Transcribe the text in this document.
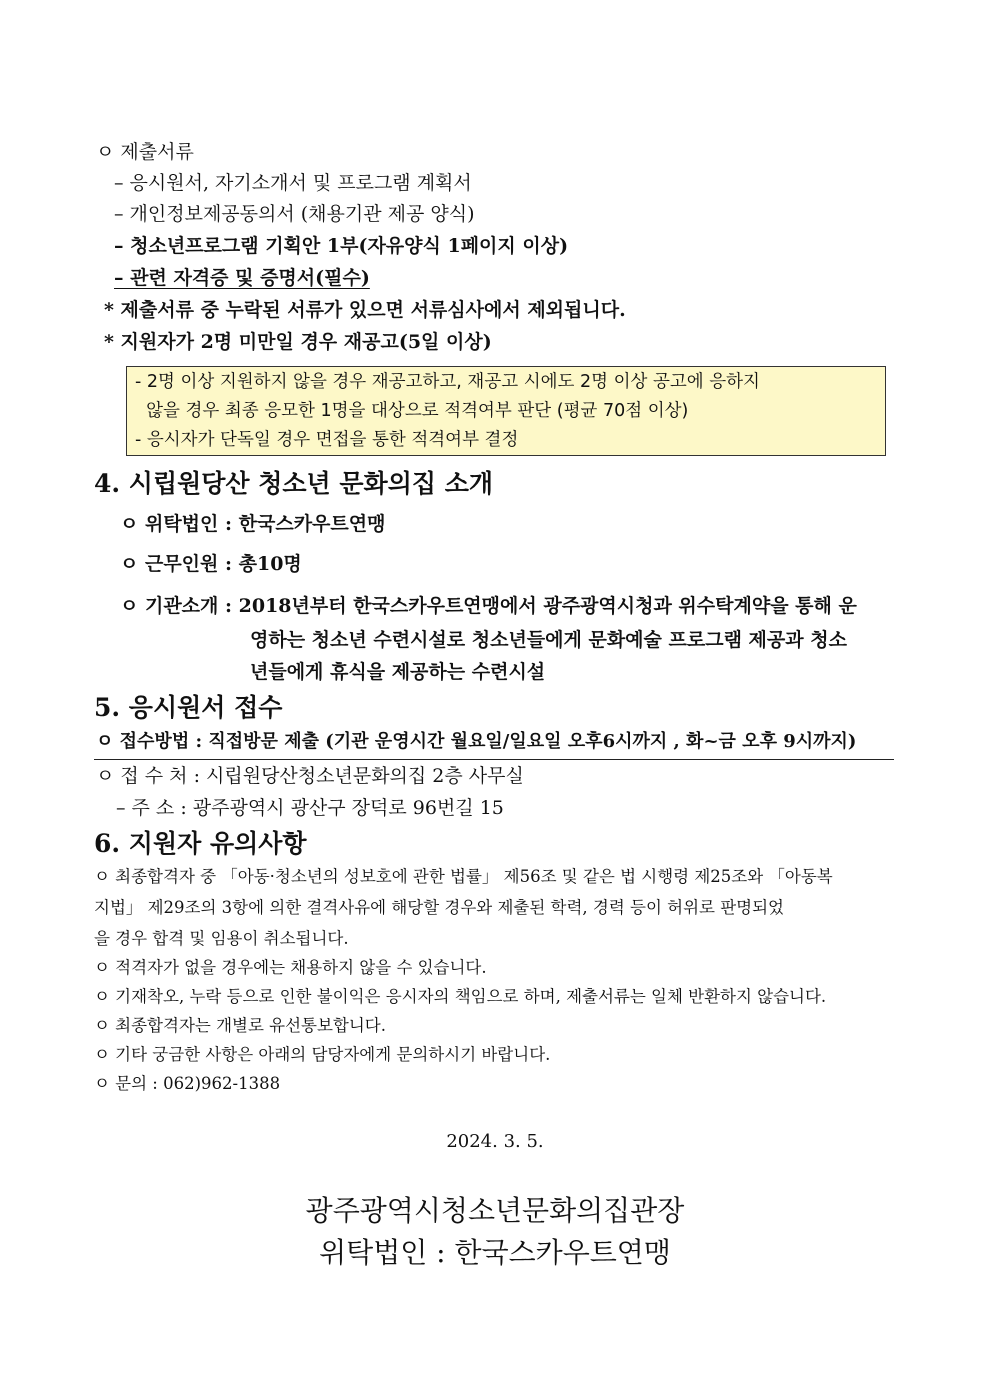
ㅇ 제출서류
– 응시원서, 자기소개서 및 프로그램 계획서
– 개인정보제공동의서 (채용기관 제공 양식)
– 청소년프로그램 기획안 1부(자유양식 1페이지 이상)
– 관련 자격증 및 증명서(필수)
* 제출서류 중 누락된 서류가 있으면 서류심사에서 제외됩니다.
* 지원자가 2명 미만일 경우 재공고(5일 이상)
- 2명 이상 지원하지 않을 경우 재공고하고, 재공고 시에도 2명 이상 공고에 응하지
않을 경우 최종 응모한 1명을 대상으로 적격여부 판단 (평균 70점 이상)
- 응시자가 단독일 경우 면접을 통한 적격여부 결정
4. 시립원당산 청소년 문화의집 소개
ㅇ 위탁법인 : 한국스카우트연맹
ㅇ 근무인원 : 총10명
ㅇ 기관소개 : 2018년부터 한국스카우트연맹에서 광주광역시청과 위수탁계약을 통해 운
영하는 청소년 수련시설로 청소년들에게 문화예술 프로그램 제공과 청소
년들에게 휴식을 제공하는 수련시설
5. 응시원서 접수
ㅇ 접수방법 : 직접방문 제출 (기관 운영시간 월요일/일요일 오후6시까지 , 화~금 오후 9시까지)
ㅇ 접 수 처 : 시립원당산청소년문화의집 2층 사무실
– 주 소 : 광주광역시 광산구 장덕로 96번길 15
6. 지원자 유의사항
ㅇ 최종합격자 중 「아동·청소년의 성보호에 관한 법률」 제56조 및 같은 법 시행령 제25조와 「아동복
지법」 제29조의 3항에 의한 결격사유에 해당할 경우와 제출된 학력, 경력 등이 허위로 판명되었
을 경우 합격 및 임용이 취소됩니다.
ㅇ 적격자가 없을 경우에는 채용하지 않을 수 있습니다.
ㅇ 기재착오, 누락 등으로 인한 불이익은 응시자의 책임으로 하며, 제출서류는 일체 반환하지 않습니다.
ㅇ 최종합격자는 개별로 유선통보합니다.
ㅇ 기타 궁금한 사항은 아래의 담당자에게 문의하시기 바랍니다.
ㅇ 문의 : 062)962-1388
2024. 3. 5.
광주광역시청소년문화의집관장
위탁법인 : 한국스카우트연맹
